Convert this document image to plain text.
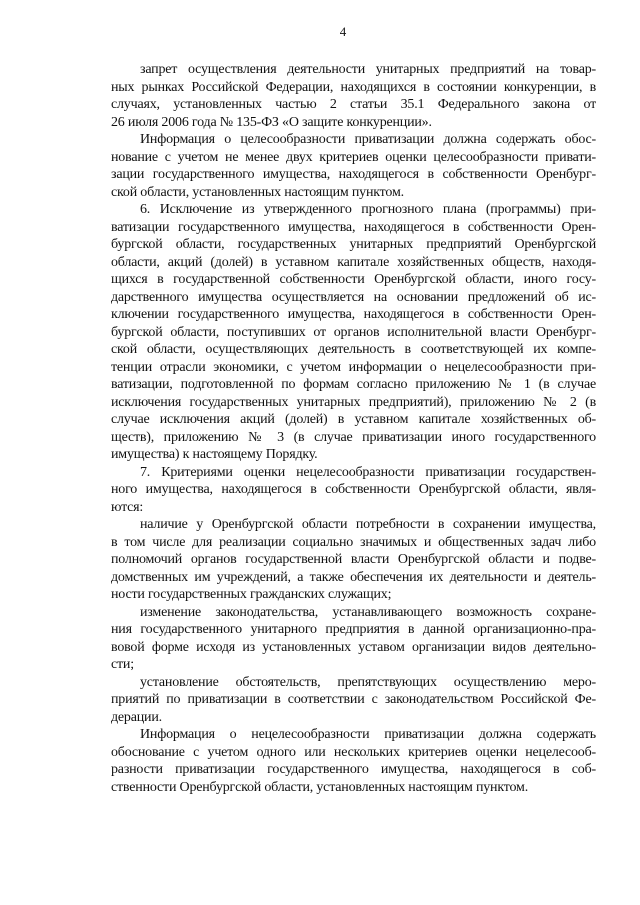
4
запрет осуществления деятельности унитарных предприятий на товар-
ных рынках Российской Федерации, находящихся в состоянии конкуренции, в
случаях, установленных частью 2 статьи 35.1 Федерального закона от
26 июля 2006 года № 135-ФЗ «О защите конкуренции».
Информация о целесообразности приватизации должна содержать обос-
нование с учетом не менее двух критериев оценки целесообразности привати-
зации государственного имущества, находящегося в собственности Оренбург-
ской области, установленных настоящим пунктом.
6. Исключение из утвержденного прогнозного плана (программы) при-
ватизации государственного имущества, находящегося в собственности Орен-
бургской области, государственных унитарных предприятий Оренбургской
области, акций (долей) в уставном капитале хозяйственных обществ, находя-
щихся в государственной собственности Оренбургской области, иного госу-
дарственного имущества осуществляется на основании предложений об ис-
ключении государственного имущества, находящегося в собственности Орен-
бургской области, поступивших от органов исполнительной власти Оренбург-
ской области, осуществляющих деятельность в соответствующей их компе-
тенции отрасли экономики, с учетом информации о нецелесообразности при-
ватизации, подготовленной по формам согласно приложению № 1 (в случае
исключения государственных унитарных предприятий), приложению № 2 (в
случае исключения акций (долей) в уставном капитале хозяйственных об-
ществ), приложению № 3 (в случае приватизации иного государственного
имущества) к настоящему Порядку.
7. Критериями оценки нецелесообразности приватизации государствен-
ного имущества, находящегося в собственности Оренбургской области, явля-
ются:
наличие у Оренбургской области потребности в сохранении имущества,
в том числе для реализации социально значимых и общественных задач либо
полномочий органов государственной власти Оренбургской области и подве-
домственных им учреждений, а также обеспечения их деятельности и деятель-
ности государственных гражданских служащих;
изменение законодательства, устанавливающего возможность сохране-
ния государственного унитарного предприятия в данной организационно-пра-
вовой форме исходя из установленных уставом организации видов деятельно-
сти;
установление обстоятельств, препятствующих осуществлению меро-
приятий по приватизации в соответствии с законодательством Российской Фе-
дерации.
Информация о нецелесообразности приватизации должна содержать
обоснование с учетом одного или нескольких критериев оценки нецелесооб-
разности приватизации государственного имущества, находящегося в соб-
ственности Оренбургской области, установленных настоящим пунктом.
